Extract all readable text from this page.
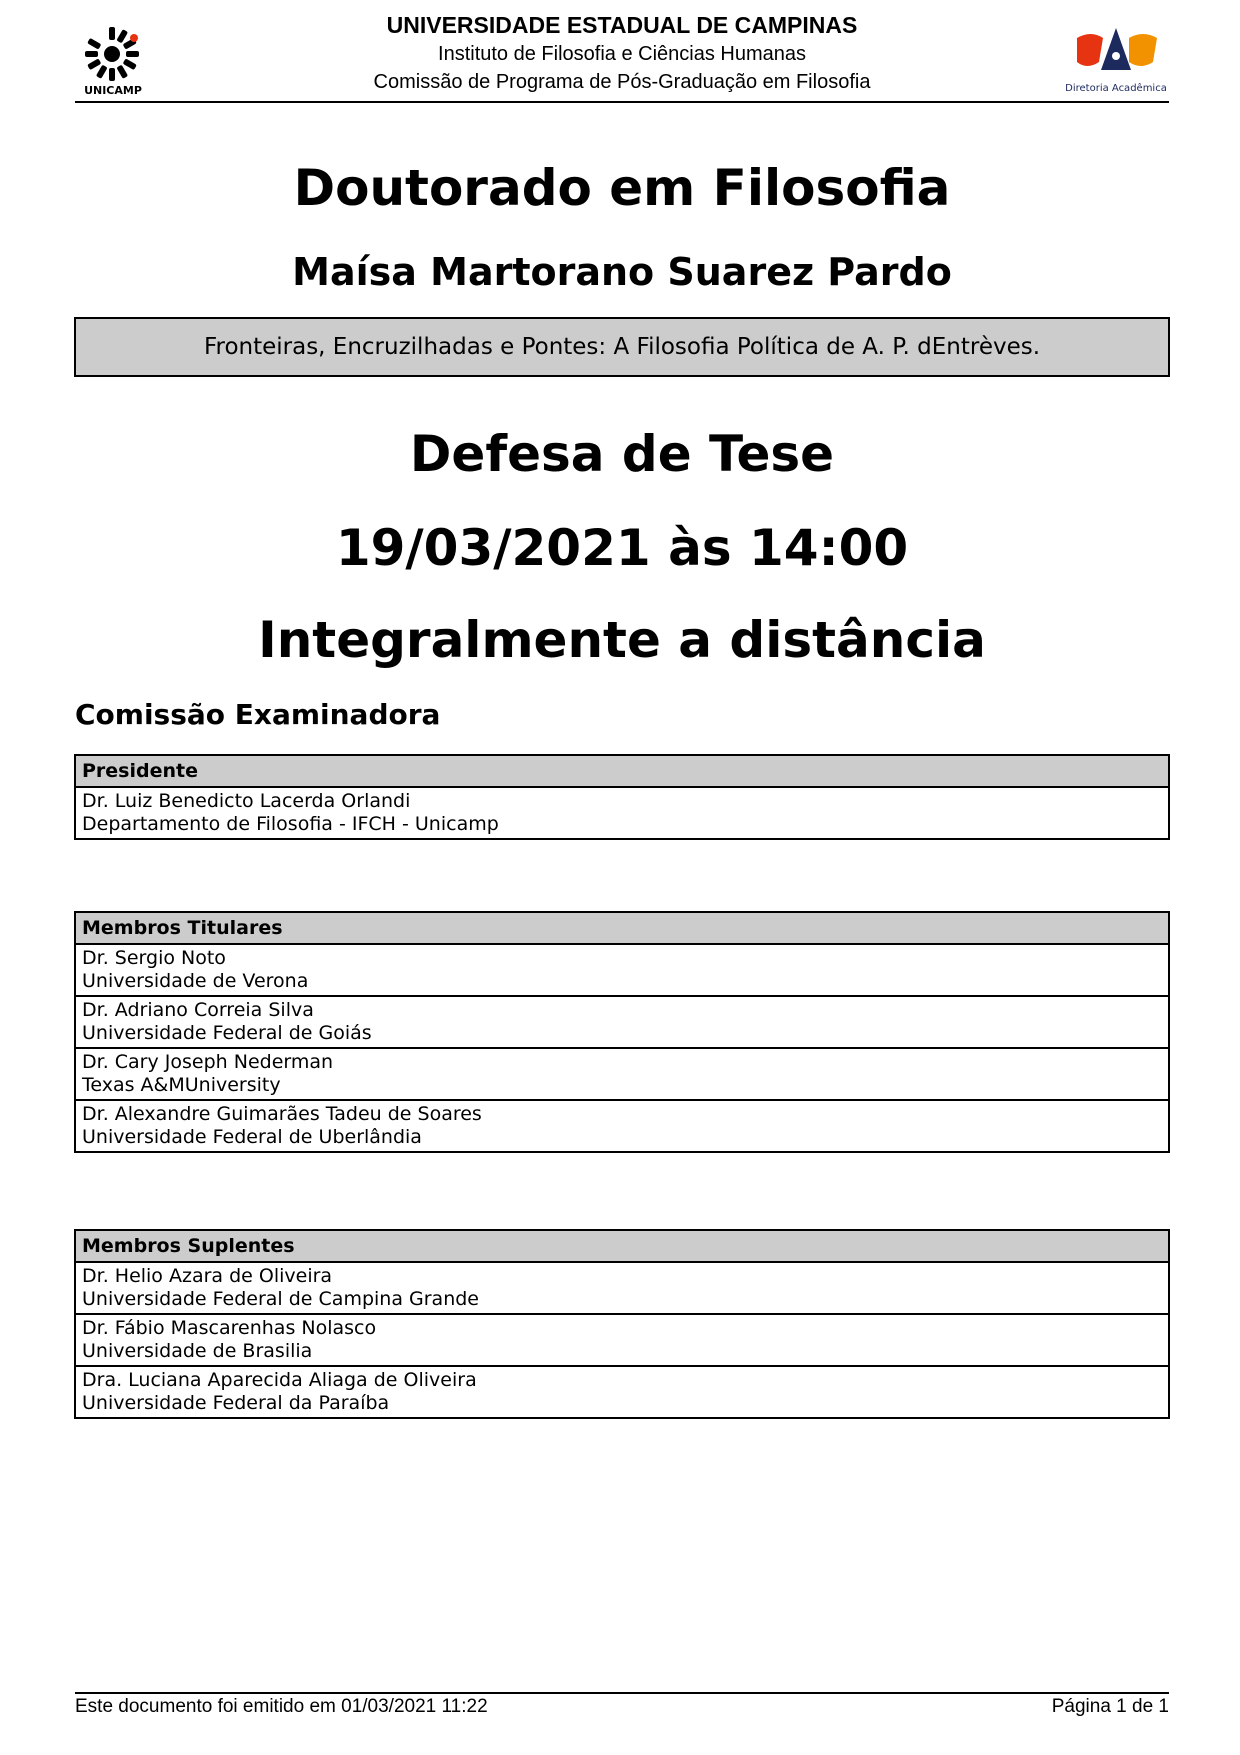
UNICAMP
UNIVERSIDADE ESTADUAL DE CAMPINAS
Instituto de Filosofia e Ciências Humanas
Comissão de Programa de Pós-Graduação em Filosofia	Diretoria Acadêmica
Doutorado em Filosofia
Maísa Martorano Suarez Pardo
Fronteiras, Encruzilhadas e Pontes: A Filosofia Política de A. P. dEntrèves.
Defesa de Tese
19/03/2021 às 14:00
Integralmente a distância
Comissão Examinadora
Presidente
Dr. Luiz Benedicto Lacerda Orlandi
Departamento de Filosofia - IFCH - Unicamp
Membros Titulares
Dr. Sergio Noto
Universidade de Verona
Dr. Adriano Correia Silva
Universidade Federal de Goiás
Dr. Cary Joseph Nederman
Texas A&MUniversity
Dr. Alexandre Guimarães Tadeu de Soares
Universidade Federal de Uberlândia
Membros Suplentes
Dr. Helio Azara de Oliveira
Universidade Federal de Campina Grande
Dr. Fábio Mascarenhas Nolasco
Universidade de Brasilia
Dra. Luciana Aparecida Aliaga de Oliveira
Universidade Federal da Paraíba
Este documento foi emitido em 01/03/2021 11:22	Página 1 de 1
